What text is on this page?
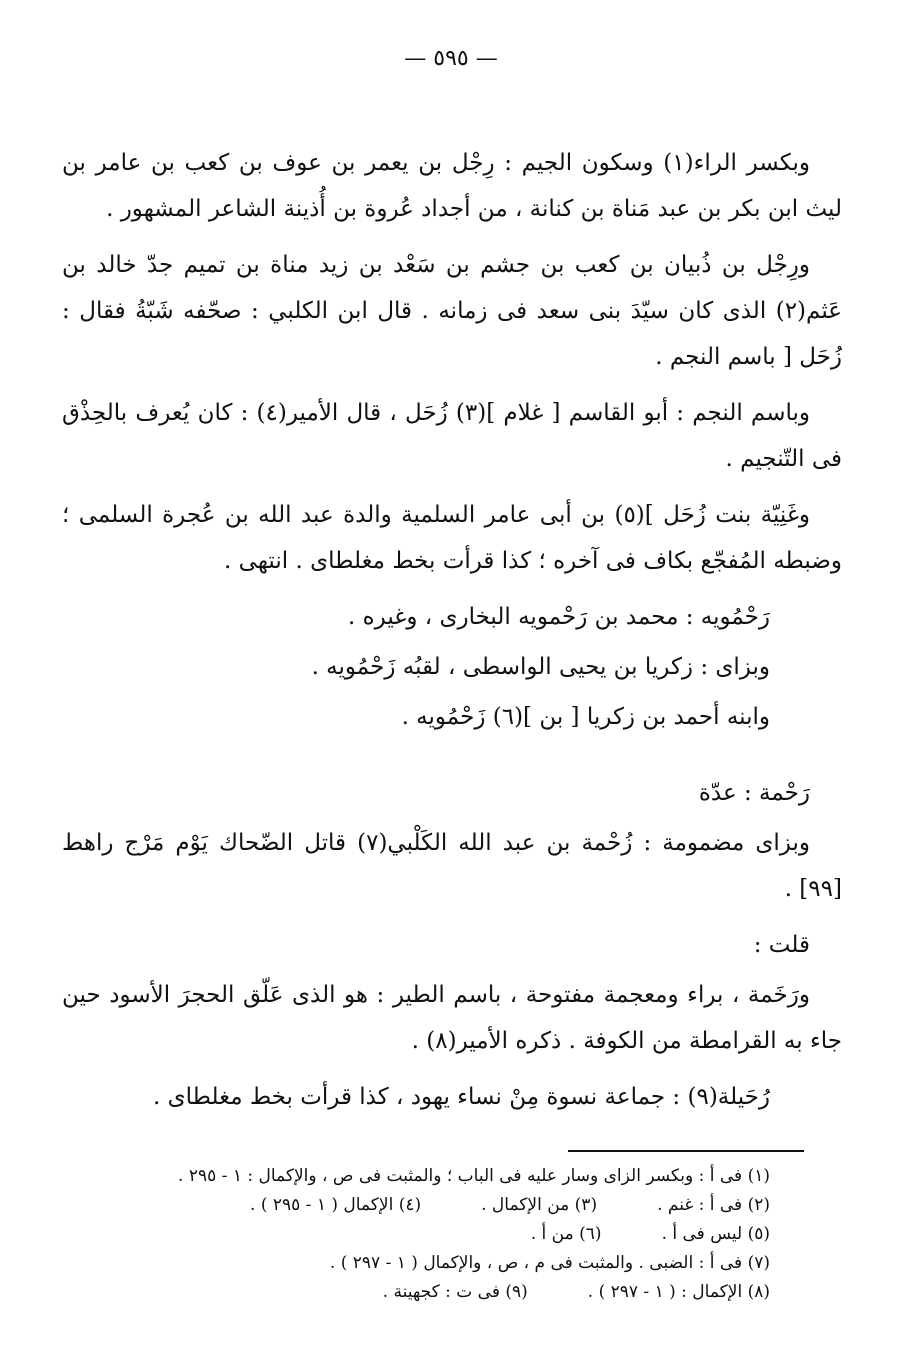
— ٥٩٥ —

وبكسر الراء(١) وسكون الجيم : رِجْل بن يعمر بن عوف بن كعب بن عامر بن ليث ابن بكر بن عبد مَناة بن كنانة ، من أجداد عُروة بن أُذينة الشاعر المشهور .

ورِجْل بن ذُبيان بن كعب بن جشم بن سَعْد بن زيد مناة بن تميم جدّ خالد بن عَثم(٢) الذى كان سيّدَ بنى سعد فى زمانه . قال ابن الكلبي : صحّفه شَبّةُ فقال : زُحَل [ باسم النجم .

وباسم النجم : أبو القاسم [ غلام ](٣) زُحَل ، قال الأمير(٤) : كان يُعرف بالحِذْق فى التّنجيم .

وغَنِيّة بنت زُحَل ](٥) بن أبى عامر السلمية والدة عبد الله بن عُجرة السلمى ؛ وضبطه المُفجّع بكاف فى آخره ؛ كذا قرأت بخط مغلطاى . انتهى .

رَحْمُويه : محمد بن رَحْمويه البخارى ، وغيره .

وبزاى : زكريا بن يحيى الواسطى ، لقبُه زَحْمُويه .

وابنه أحمد بن زكريا [ بن ](٦) زَحْمُويه .

رَحْمة : عدّة

وبزاى مضمومة : زُحْمة بن عبد الله الكَلْبي(٧) قاتل الضّحاك يَوْم مَرْج راهط [٩٩] .

قلت :

ورَخَمة ، براء ومعجمة مفتوحة ، باسم الطير : هو الذى عَلّق الحجرَ الأسود حين جاء به القرامطة من الكوفة . ذكره الأمير(٨) .

رُحَيلة(٩) : جماعة نسوة مِنْ نساء يهود ، كذا قرأت بخط مغلطاى .

(١) فى أ : وبكسر الزاى وسار عليه فى الباب ؛ والمثبت فى ص ، والإكمال : ١ - ٢٩٥ .
(٢) فى أ : غنم .
(٣) من الإكمال .
(٤) الإكمال ( ١ - ٢٩٥ ) .
(٥) ليس فى أ .
(٦) من أ .
(٧) فى أ : الضبى . والمثبت فى م ، ص ، والإكمال ( ١ - ٢٩٧ ) .
(٨) الإكمال : ( ١ - ٢٩٧ ) .
(٩) فى ت : كجهينة .
